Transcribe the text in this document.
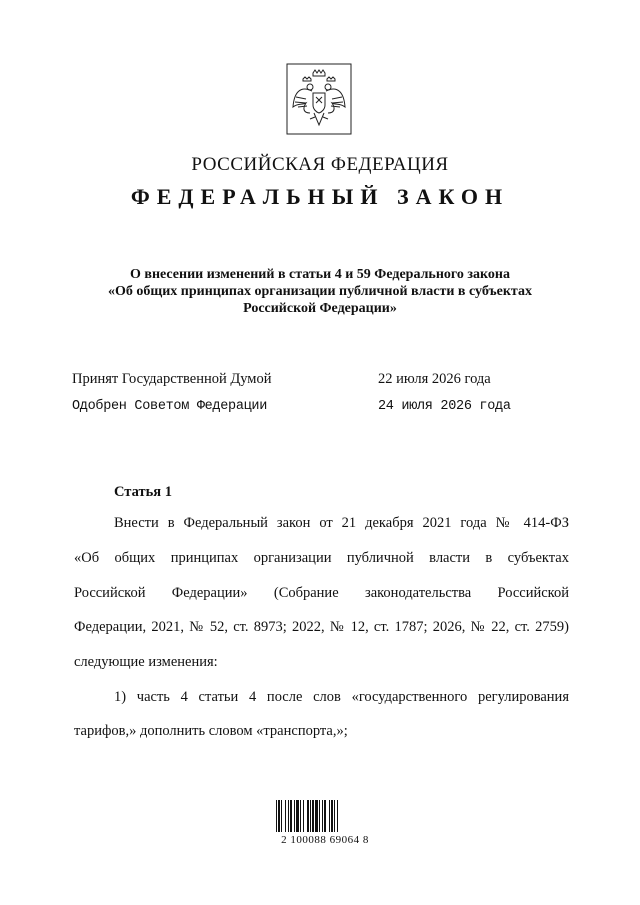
РОССИЙСКАЯ ФЕДЕРАЦИЯ
ФЕДЕРАЛЬНЫЙ ЗАКОН
О внесении изменений в статьи 4 и 59 Федерального закона
«Об общих принципах организации публичной власти в субъектах
Российской Федерации»
Принят Государственной Думой	22 июля 2026 года
Одобрен Советом Федерации	24 июля 2026 года
Статья 1
Внести в Федеральный закон от 21 декабря 2021 года № 414-ФЗ
«Об общих принципах организации публичной власти в субъектах
Российской Федерации» (Собрание законодательства Российской
Федерации, 2021, № 52, ст. 8973; 2022, № 12, ст. 1787; 2026, № 22, ст. 2759)
следующие изменения:
1) часть 4 статьи 4 после слов «государственного регулирования
тарифов,» дополнить словом «транспорта,»;
2 100088 69064 8
